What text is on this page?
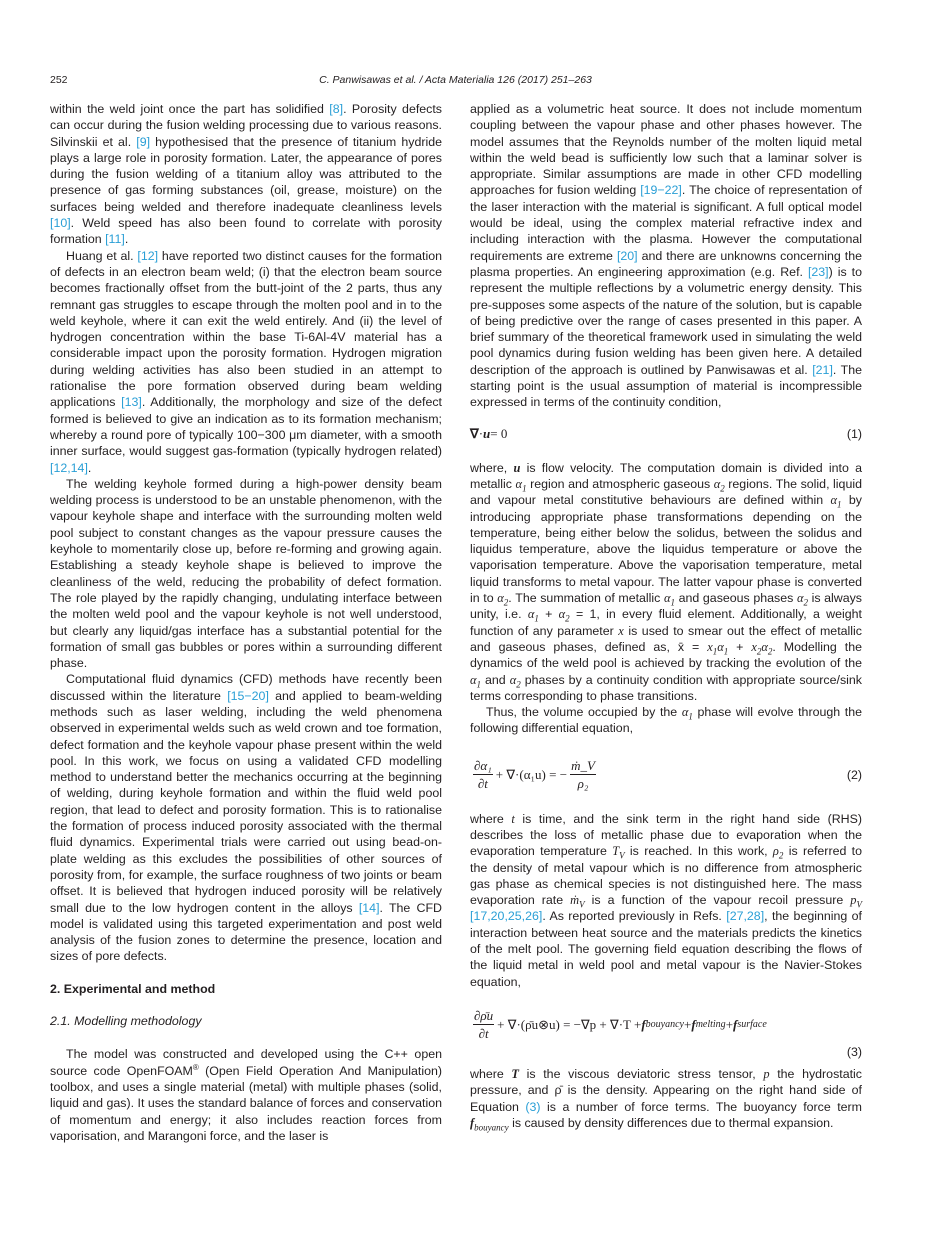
252	C. Panwisawas et al. / Acta Materialia 126 (2017) 251–263

within the weld joint once the part has solidified [8]. Porosity defects can occur during the fusion welding processing due to various reasons. Silvinskii et al. [9] hypothesised that the presence of titanium hydride plays a large role in porosity formation. Later, the appearance of pores during the fusion welding of a titanium alloy was attributed to the presence of gas forming substances (oil, grease, moisture) on the surfaces being welded and therefore inadequate cleanliness levels [10]. Weld speed has also been found to correlate with porosity formation [11].

Huang et al. [12] have reported two distinct causes for the formation of defects in an electron beam weld; (i) that the electron beam source becomes fractionally offset from the butt-joint of the 2 parts, thus any remnant gas struggles to escape through the molten pool and in to the weld keyhole, where it can exit the weld entirely. And (ii) the level of hydrogen concentration within the base Ti-6Al-4V material has a considerable impact upon the porosity formation. Hydrogen migration during welding activities has also been studied in an attempt to rationalise the pore formation observed during beam welding applications [13]. Additionally, the morphology and size of the defect formed is believed to give an indication as to its formation mechanism; whereby a round pore of typically 100−300 μm diameter, with a smooth inner surface, would suggest gas-formation (typically hydrogen related) [12,14].

The welding keyhole formed during a high-power density beam welding process is understood to be an unstable phenomenon, with the vapour keyhole shape and interface with the surrounding molten weld pool subject to constant changes as the vapour pressure causes the keyhole to momentarily close up, before re-forming and growing again. Establishing a steady keyhole shape is believed to improve the cleanliness of the weld, reducing the probability of defect formation. The role played by the rapidly changing, undulating interface between the molten weld pool and the vapour keyhole is not well understood, but clearly any liquid/gas interface has a substantial potential for the formation of small gas bubbles or pores within a surrounding different phase.

Computational fluid dynamics (CFD) methods have recently been discussed within the literature [15−20] and applied to beam-welding methods such as laser welding, including the weld phenomena observed in experimental welds such as weld crown and toe formation, defect formation and the keyhole vapour phase present within the weld pool. In this work, we focus on using a validated CFD modelling method to understand better the mechanics occurring at the beginning of welding, during keyhole formation and within the fluid weld pool region, that lead to defect and porosity formation. This is to rationalise the formation of process induced porosity associated with the thermal fluid dynamics. Experimental trials were carried out using bead-on-plate welding as this excludes the possibilities of other sources of porosity from, for example, the surface roughness of two joints or beam offset. It is believed that hydrogen induced porosity will be relatively small due to the low hydrogen content in the alloys [14]. The CFD model is validated using this targeted experimentation and post weld analysis of the fusion zones to determine the presence, location and sizes of pore defects.

2. Experimental and method
2.1. Modelling methodology

The model was constructed and developed using the C++ open source code OpenFOAM® (Open Field Operation And Manipulation) toolbox, and uses a single material (metal) with multiple phases (solid, liquid and gas). It uses the standard balance of forces and conservation of momentum and energy; it also includes reaction forces from vaporisation, and Marangoni force, and the laser is

applied as a volumetric heat source. It does not include momentum coupling between the vapour phase and other phases however. The model assumes that the Reynolds number of the molten liquid metal within the weld bead is sufficiently low such that a laminar solver is appropriate. Similar assumptions are made in other CFD modelling approaches for fusion welding [19−22]. The choice of representation of the laser interaction with the material is significant. A full optical model would be ideal, using the complex material refractive index and including interaction with the plasma. However the computational requirements are extreme [20] and there are unknowns concerning the plasma properties. An engineering approximation (e.g. Ref. [23]) is to represent the multiple reflections by a volumetric energy density. This pre-supposes some aspects of the nature of the solution, but is capable of being predictive over the range of cases presented in this paper. A brief summary of the theoretical framework used in simulating the weld pool dynamics during fusion welding has been given here. A detailed description of the approach is outlined by Panwisawas et al. [21]. The starting point is the usual assumption of material is incompressible expressed in terms of the continuity condition,

∇ · u = 0	(1)

where, u is flow velocity. The computation domain is divided into a metallic $\alpha_1$ region and atmospheric gaseous $\alpha_2$ regions. The solid, liquid and vapour metal constitutive behaviours are defined within $\alpha_1$ by introducing appropriate phase transformations depending on the temperature, being either below the solidus, between the solidus and liquidus temperature, above the liquidus temperature or above the vaporisation temperature. Above the vaporisation temperature, metal liquid transforms to metal vapour. The latter vapour phase is converted in to $\alpha_2$. The summation of metallic $\alpha_1$ and gaseous phases $\alpha_2$ is always unity, i.e. $\alpha_1 + \alpha_2 = 1$, in every fluid element. Additionally, a weight function of any parameter x is used to smear out the effect of metallic and gaseous phases, defined as, x̄ = $x_1\alpha_1 + x_2\alpha_2$. Modelling the dynamics of the weld pool is achieved by tracking the evolution of the $\alpha_1$ and $\alpha_2$ phases by a continuity condition with appropriate source/sink terms corresponding to phase transitions.

Thus, the volume occupied by the $\alpha_1$ phase will evolve through the following differential equation,

$\frac{\text{∂α₁}}{\partial t} + \nabla\cdot(\alpha_1u)$ = − $\frac{\text{ṁ\_V}}{\text{ρ₂}}$	(2)

where t is time, and the sink term in the right hand side (RHS) describes the loss of metallic phase due to evaporation when the evaporation temperature $T_V$ is reached. In this work, $\rho_2$ is referred to the density of metal vapour which is no difference from atmospheric gas phase as chemical species is not distinguished here. The mass evaporation rate ṁ$_V$ is a function of the vapour recoil pressure $p_V$ [17,20,25,26]. As reported previously in Refs. [27,28], the beginning of interaction between heat source and the materials predicts the kinetics of the melt pool. The governing field equation describing the flows of the liquid metal in weld pool and metal vapour is the Navier-Stokes equation,

$\frac{\partial\rhōu}{\partial t}$ + ∇·(ρ̄u⊗u) = −∇p + ∇·T + f bouyancy + f melting + f surface
(3)

where T is the viscous deviatoric stress tensor, p the hydrostatic pressure, and ρ̄ is the density. Appearing on the right hand side of Equation (3) is a number of force terms. The buoyancy force term $f_{bouyancy}$ is caused by density differences due to thermal expansion.
